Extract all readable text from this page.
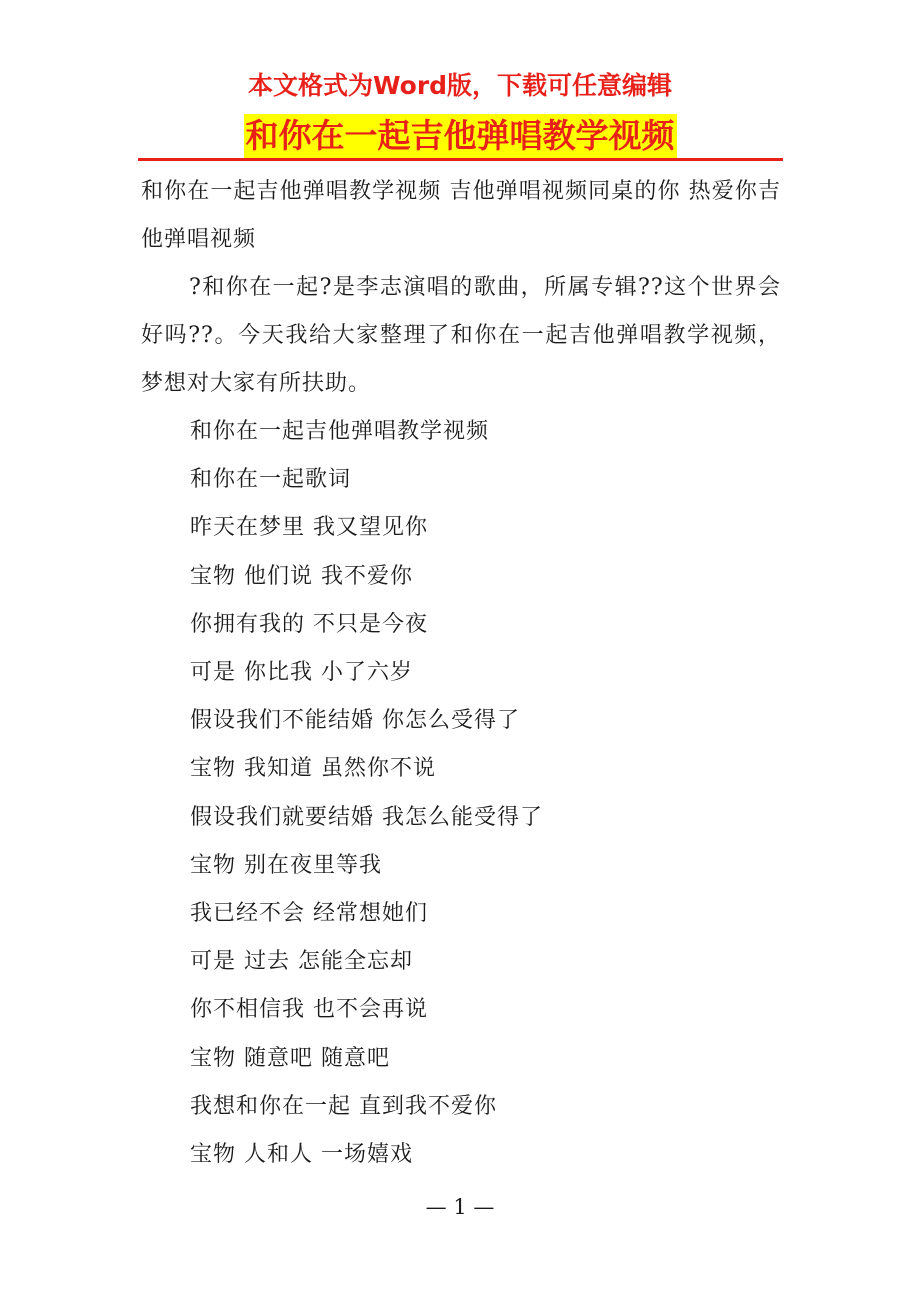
本文格式为Word版，下载可任意编辑
和你在一起吉他弹唱教学视频

和你在一起吉他弹唱教学视频 吉他弹唱视频同桌的你 热爱你吉他弹唱视频

?和你在一起?是李志演唱的歌曲，所属专辑??这个世界会好吗??。今天我给大家整理了和你在一起吉他弹唱教学视频，梦想对大家有所扶助。

和你在一起吉他弹唱教学视频

和你在一起歌词

昨天在梦里 我又望见你

宝物 他们说 我不爱你

你拥有我的 不只是今夜

可是 你比我 小了六岁

假设我们不能结婚 你怎么受得了

宝物 我知道 虽然你不说

假设我们就要结婚 我怎么能受得了

宝物 别在夜里等我

我已经不会 经常想她们

可是 过去 怎能全忘却

你不相信我 也不会再说

宝物 随意吧 随意吧

我想和你在一起 直到我不爱你

宝物 人和人 一场嬉戏

— 1 —
